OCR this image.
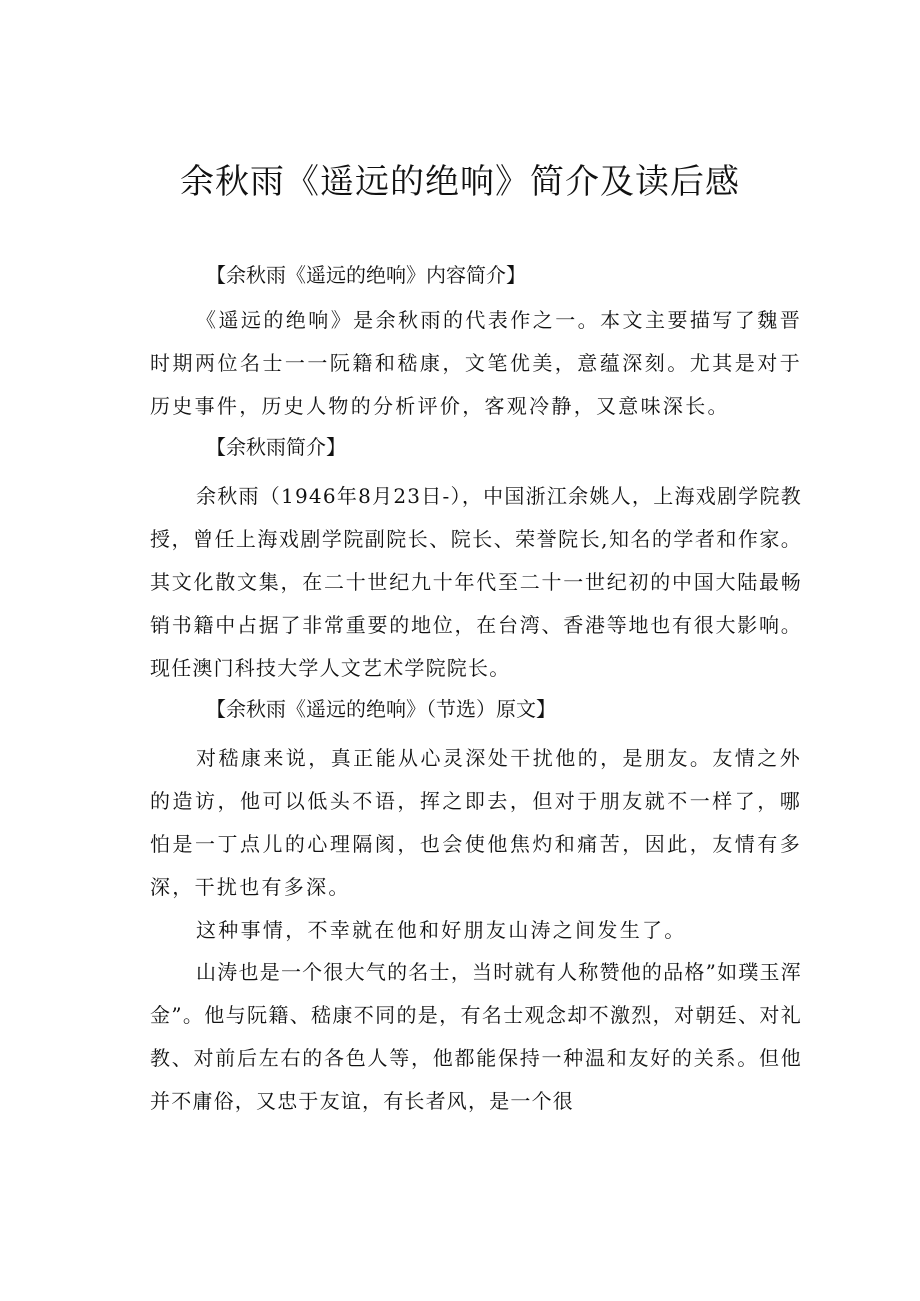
余秋雨《遥远的绝响》简介及读后感

【余秋雨《遥远的绝响》内容简介】

《遥远的绝响》是余秋雨的代表作之一。本文主要描写了魏晋时期两位名士一一阮籍和嵇康，文笔优美，意蕴深刻。尤其是对于历史事件，历史人物的分析评价，客观冷静，又意味深长。

【余秋雨简介】

余秋雨（1946年8月23日-），中国浙江余姚人，上海戏剧学院教授，曾任上海戏剧学院副院长、院长、荣誉院长,知名的学者和作家。其文化散文集，在二十世纪九十年代至二十一世纪初的中国大陆最畅销书籍中占据了非常重要的地位，在台湾、香港等地也有很大影响。现任澳门科技大学人文艺术学院院长。

【余秋雨《遥远的绝响》（节选）原文】

对嵇康来说，真正能从心灵深处干扰他的，是朋友。友情之外的造访，他可以低头不语，挥之即去，但对于朋友就不一样了，哪怕是一丁点儿的心理隔阂，也会使他焦灼和痛苦，因此，友情有多深，干扰也有多深。

这种事情，不幸就在他和好朋友山涛之间发生了。

山涛也是一个很大气的名士，当时就有人称赞他的品格”如璞玉浑金”。他与阮籍、嵇康不同的是，有名士观念却不激烈，对朝廷、对礼教、对前后左右的各色人等，他都能保持一种温和友好的关系。但他并不庸俗，又忠于友谊，有长者风，是一个很
